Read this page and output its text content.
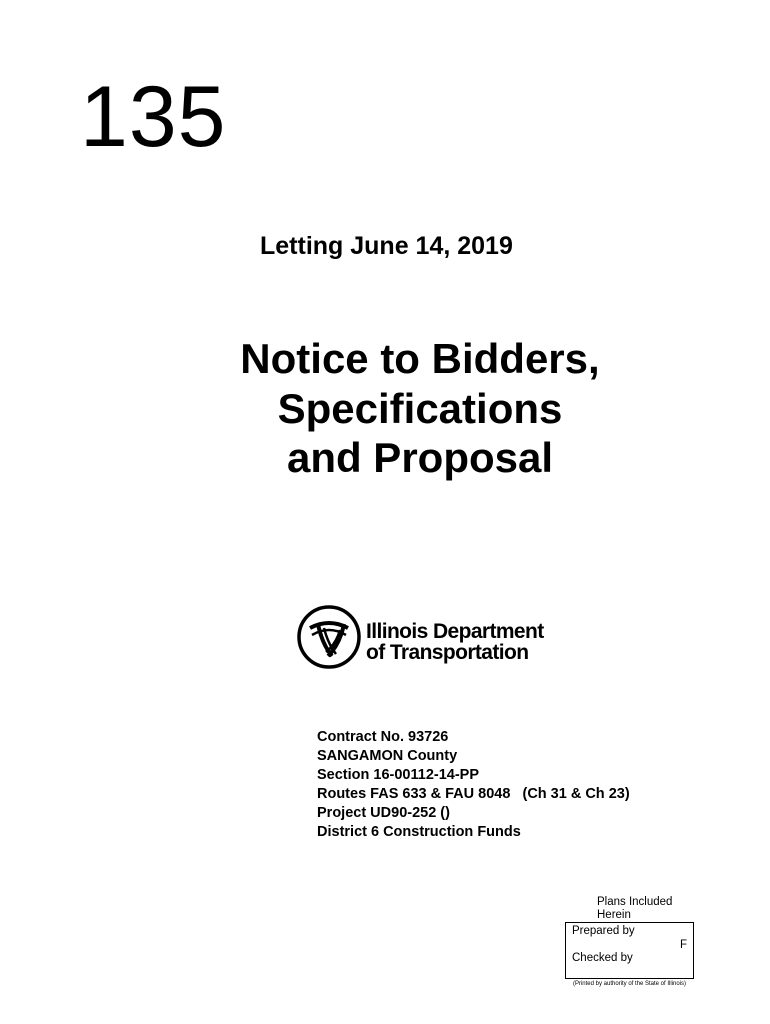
135
Letting June 14, 2019
Notice to Bidders,
Specifications
and Proposal
Illinois Department
of Transportation
Contract No. 93726
SANGAMON County
Section 16-00112-14-PP
Routes FAS 633 & FAU 8048   (Ch 31 & Ch 23)
Project UD90-252 ()
District 6 Construction Funds
Plans Included
Herein
Prepared by
F
Checked by
(Printed by authority of the State of Illinois)
